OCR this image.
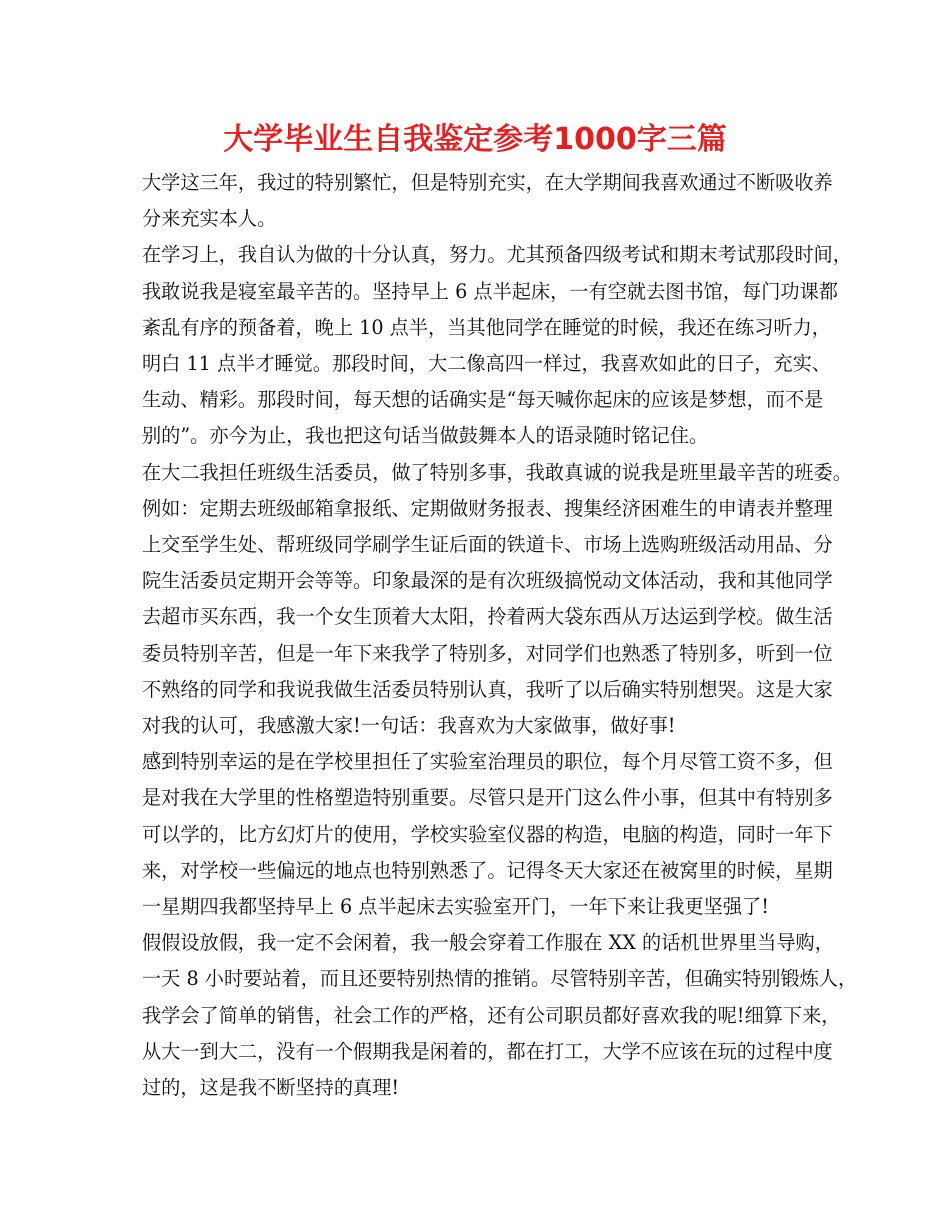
大学毕业生自我鉴定参考1000字三篇
大学这三年，我过的特别繁忙，但是特别充实，在大学期间我喜欢通过不断吸收养
分来充实本人。
在学习上，我自认为做的十分认真，努力。尤其预备四级考试和期末考试那段时间，
我敢说我是寝室最辛苦的。坚持早上 6 点半起床，一有空就去图书馆，每门功课都
紊乱有序的预备着，晚上 10 点半，当其他同学在睡觉的时候，我还在练习听力，
明白 11 点半才睡觉。那段时间，大二像高四一样过，我喜欢如此的日子，充实、
生动、精彩。那段时间，每天想的话确实是“每天喊你起床的应该是梦想，而不是
别的”。亦今为止，我也把这句话当做鼓舞本人的语录随时铭记住。
在大二我担任班级生活委员，做了特别多事，我敢真诚的说我是班里最辛苦的班委。
例如：定期去班级邮箱拿报纸、定期做财务报表、搜集经济困难生的申请表并整理
上交至学生处、帮班级同学刷学生证后面的铁道卡、市场上选购班级活动用品、分
院生活委员定期开会等等。印象最深的是有次班级搞悦动文体活动，我和其他同学
去超市买东西，我一个女生顶着大太阳，拎着两大袋东西从万达运到学校。做生活
委员特别辛苦，但是一年下来我学了特别多，对同学们也熟悉了特别多，听到一位
不熟络的同学和我说我做生活委员特别认真，我听了以后确实特别想哭。这是大家
对我的认可，我感激大家!一句话：我喜欢为大家做事，做好事!
感到特别幸运的是在学校里担任了实验室治理员的职位，每个月尽管工资不多，但
是对我在大学里的性格塑造特别重要。尽管只是开门这么件小事，但其中有特别多
可以学的，比方幻灯片的使用，学校实验室仪器的构造，电脑的构造，同时一年下
来，对学校一些偏远的地点也特别熟悉了。记得冬天大家还在被窝里的时候，星期
一星期四我都坚持早上 6 点半起床去实验室开门，一年下来让我更坚强了!
假假设放假，我一定不会闲着，我一般会穿着工作服在 XX 的话机世界里当导购，
一天 8 小时要站着，而且还要特别热情的推销。尽管特别辛苦，但确实特别锻炼人，
我学会了简单的销售，社会工作的严格，还有公司职员都好喜欢我的呢!细算下来，
从大一到大二，没有一个假期我是闲着的，都在打工，大学不应该在玩的过程中度
过的，这是我不断坚持的真理!
